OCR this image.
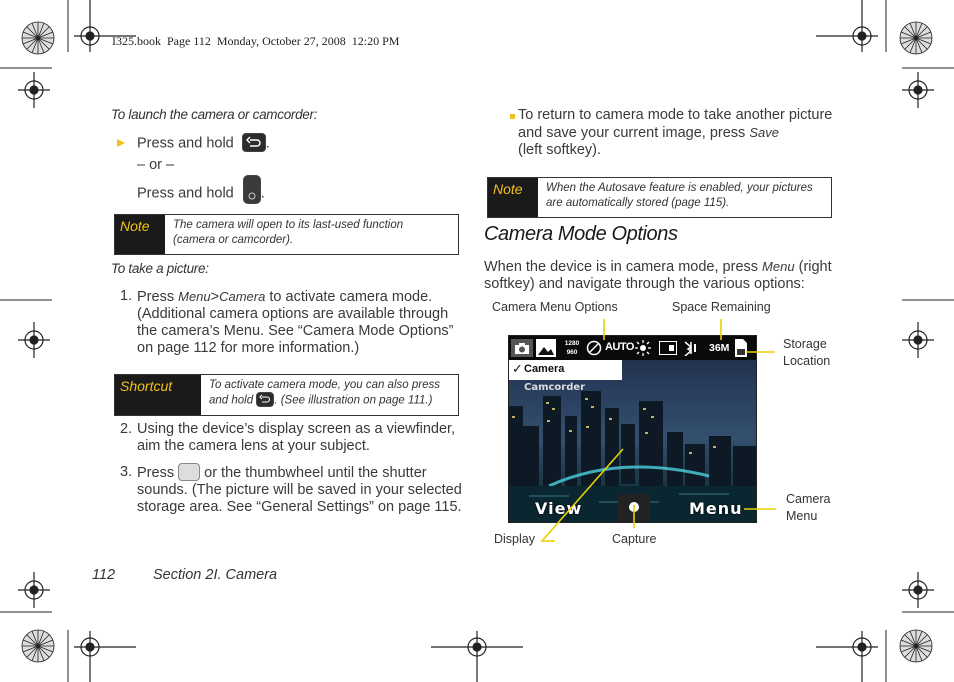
I325.book  Page 112  Monday, October 27, 2008  12:20 PM
To launch the camera or camcorder:
Press and hold .
– or –
Press and hold .
Note	The camera will open to its last-used function (camera or camcorder).
To take a picture:
1. Press Menu>Camera to activate camera mode. (Additional camera options are available through the camera’s Menu. See “Camera Mode Options” on page 112 for more information.)
Shortcut	To activate camera mode, you can also press and hold . (See illustration on page 111.)
2. Using the device’s display screen as a viewfinder, aim the camera lens at your subject.
3. Press or the thumbwheel until the shutter sounds. (The picture will be saved in your selected storage area. See “General Settings” on page 115.
To return to camera mode to take another picture and save your current image, press Save
(left softkey).
Note	When the Autosave feature is enabled, your pictures are automatically stored (page 115).
Camera Mode Options
When the device is in camera mode, press Menu (right softkey) and navigate through the various options:
Camera Menu Options	Space Remaining
Storage Location
Camera Menu
Display	Capture
1280
960	AUTO	36M
✓ Camera
Camcorder
View	Menu
112	Section 2I. Camera
